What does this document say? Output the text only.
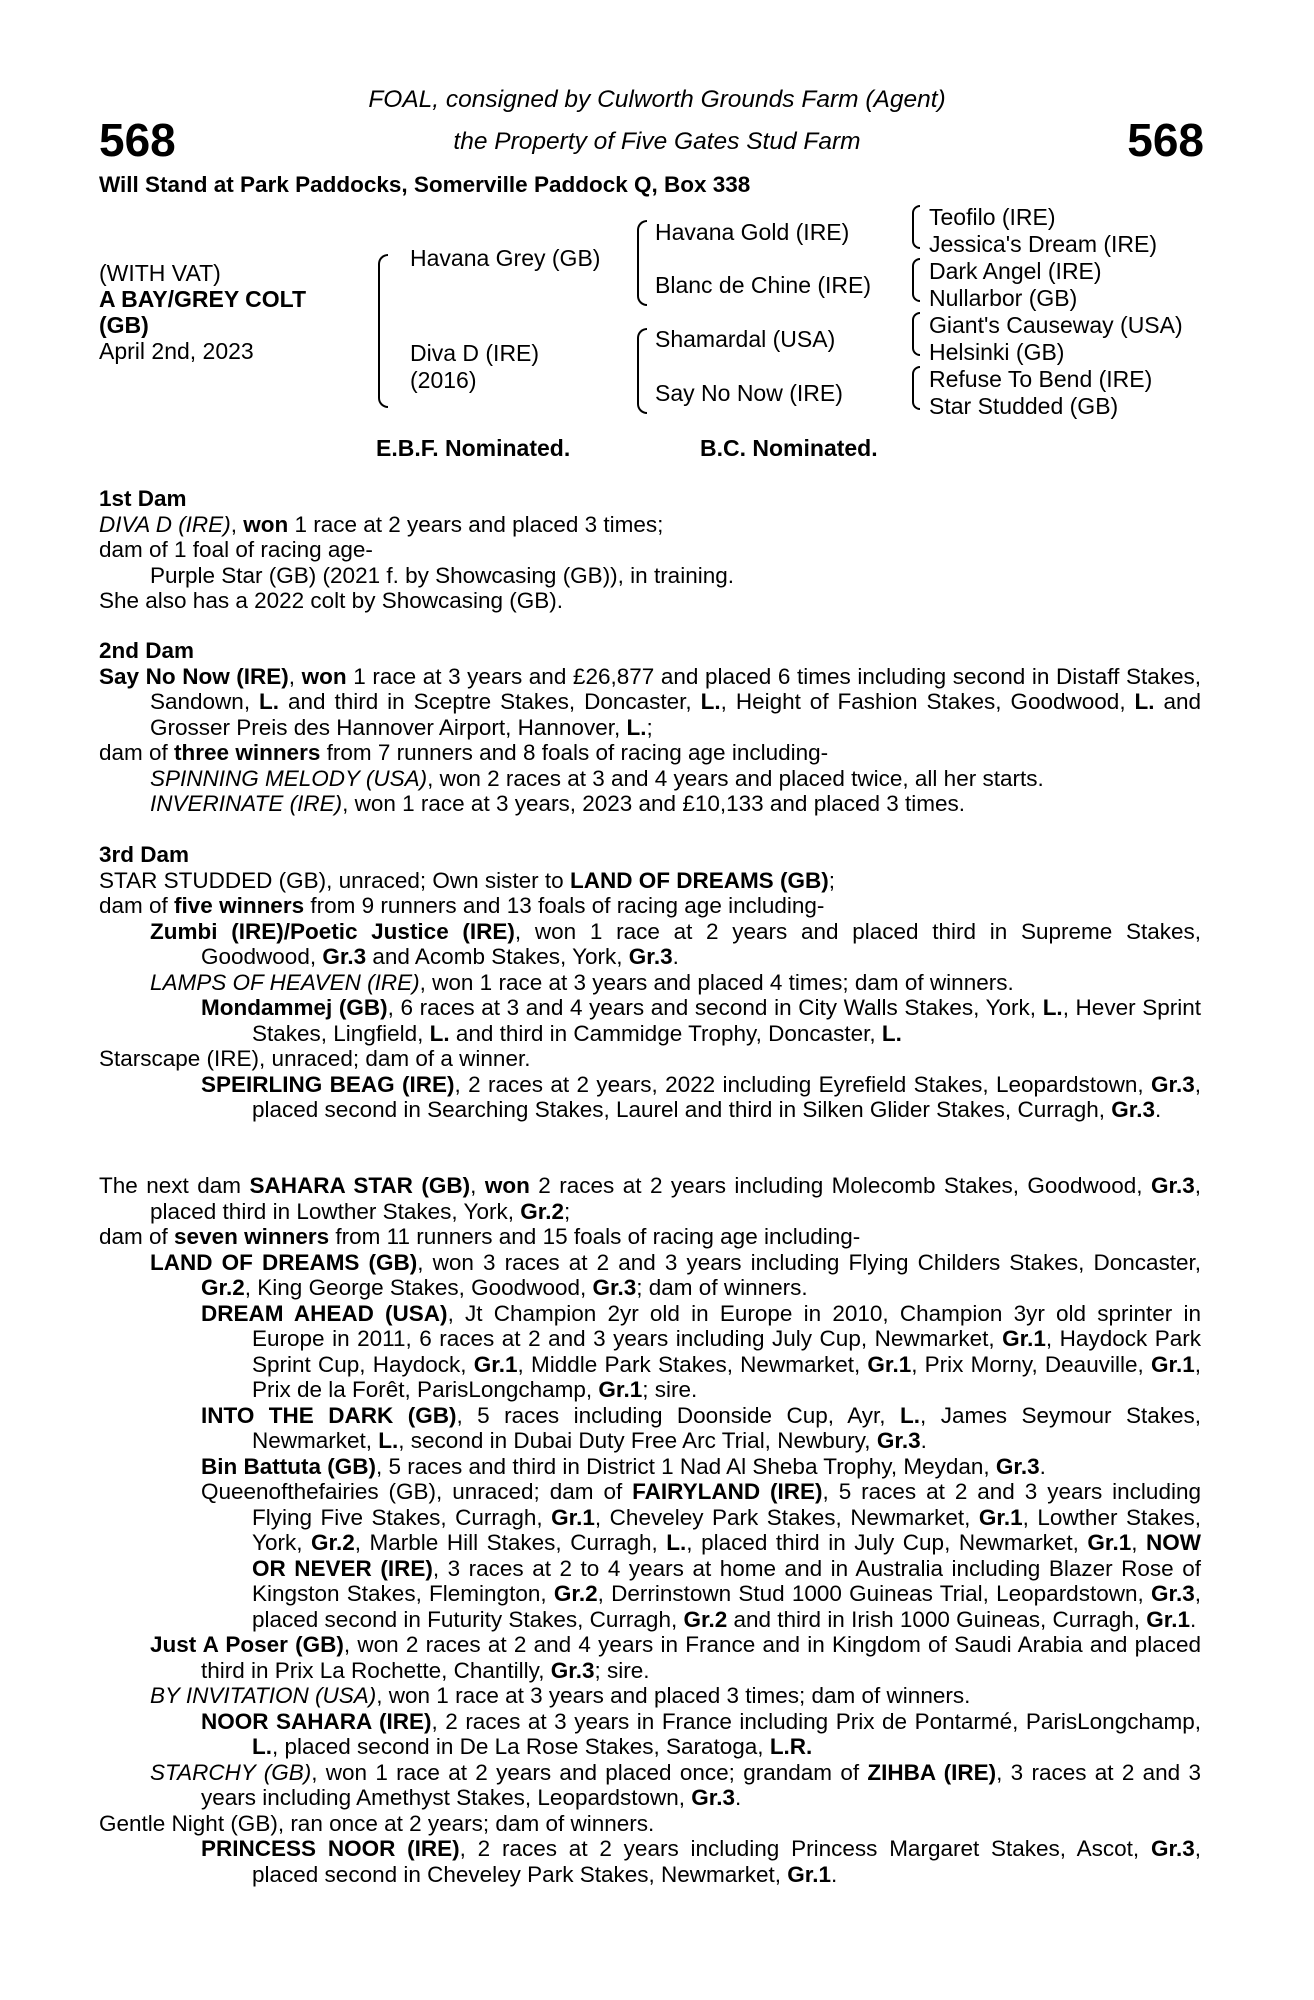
568	568
FOAL, consigned by Culworth Grounds Farm (Agent)
the Property of Five Gates Stud Farm
Will Stand at Park Paddocks, Somerville Paddock Q, Box 338
(WITH VAT)
A BAY/GREY COLT
(GB)
April 2nd, 2023
Havana Grey (GB)
Diva D (IRE)
(2016)
Havana Gold (IRE)
Blanc de Chine (IRE)
Shamardal (USA)
Say No Now (IRE)
Teofilo (IRE)
Jessica's Dream (IRE)
Dark Angel (IRE)
Nullarbor (GB)
Giant's Causeway (USA)
Helsinki (GB)
Refuse To Bend (IRE)
Star Studded (GB)
E.B.F. Nominated.	B.C. Nominated.

1st Dam

DIVA D (IRE), won 1 race at 2 years and placed 3 times;

dam of 1 foal of racing age-

Purple Star (GB) (2021 f. by Showcasing (GB)), in training.

She also has a 2022 colt by Showcasing (GB).

2nd Dam

Say No Now (IRE), won 1 race at 3 years and £26,877 and placed 6 times including second in Distaff Stakes, Sandown, L. and third in Sceptre Stakes, Doncaster, L., Height of Fashion Stakes, Goodwood, L. and Grosser Preis des Hannover Airport, Hannover, L.;

dam of three winners from 7 runners and 8 foals of racing age including-

SPINNING MELODY (USA), won 2 races at 3 and 4 years and placed twice, all her starts.

INVERINATE (IRE), won 1 race at 3 years, 2023 and £10,133 and placed 3 times.

3rd Dam

STAR STUDDED (GB), unraced; Own sister to LAND OF DREAMS (GB);

dam of five winners from 9 runners and 13 foals of racing age including-

Zumbi (IRE)/Poetic Justice (IRE), won 1 race at 2 years and placed third in Supreme Stakes, Goodwood, Gr.3 and Acomb Stakes, York, Gr.3.

LAMPS OF HEAVEN (IRE), won 1 race at 3 years and placed 4 times; dam of winners.

Mondammej (GB), 6 races at 3 and 4 years and second in City Walls Stakes, York, L., Hever Sprint Stakes, Lingfield, L. and third in Cammidge Trophy, Doncaster, L.

Starscape (IRE), unraced; dam of a winner.

SPEIRLING BEAG (IRE), 2 races at 2 years, 2022 including Eyrefield Stakes, Leopardstown, Gr.3, placed second in Searching Stakes, Laurel and third in Silken Glider Stakes, Curragh, Gr.3.

The next dam SAHARA STAR (GB), won 2 races at 2 years including Molecomb Stakes, Goodwood, Gr.3, placed third in Lowther Stakes, York, Gr.2;

dam of seven winners from 11 runners and 15 foals of racing age including-

LAND OF DREAMS (GB), won 3 races at 2 and 3 years including Flying Childers Stakes, Doncaster, Gr.2, King George Stakes, Goodwood, Gr.3; dam of winners.

DREAM AHEAD (USA), Jt Champion 2yr old in Europe in 2010, Champion 3yr old sprinter in Europe in 2011, 6 races at 2 and 3 years including July Cup, Newmarket, Gr.1, Haydock Park Sprint Cup, Haydock, Gr.1, Middle Park Stakes, Newmarket, Gr.1, Prix Morny, Deauville, Gr.1, Prix de la Forêt, ParisLongchamp, Gr.1; sire.

INTO THE DARK (GB), 5 races including Doonside Cup, Ayr, L., James Seymour Stakes, Newmarket, L., second in Dubai Duty Free Arc Trial, Newbury, Gr.3.

Bin Battuta (GB), 5 races and third in District 1 Nad Al Sheba Trophy, Meydan, Gr.3.

Queenofthefairies (GB), unraced; dam of FAIRYLAND (IRE), 5 races at 2 and 3 years including Flying Five Stakes, Curragh, Gr.1, Cheveley Park Stakes, Newmarket, Gr.1, Lowther Stakes, York, Gr.2, Marble Hill Stakes, Curragh, L., placed third in July Cup, Newmarket, Gr.1, NOW OR NEVER (IRE), 3 races at 2 to 4 years at home and in Australia including Blazer Rose of Kingston Stakes, Flemington, Gr.2, Derrinstown Stud 1000 Guineas Trial, Leopardstown, Gr.3, placed second in Futurity Stakes, Curragh, Gr.2 and third in Irish 1000 Guineas, Curragh, Gr.1.

Just A Poser (GB), won 2 races at 2 and 4 years in France and in Kingdom of Saudi Arabia and placed third in Prix La Rochette, Chantilly, Gr.3; sire.

BY INVITATION (USA), won 1 race at 3 years and placed 3 times; dam of winners.

NOOR SAHARA (IRE), 2 races at 3 years in France including Prix de Pontarmé, ParisLongchamp, L., placed second in De La Rose Stakes, Saratoga, L.R.

STARCHY (GB), won 1 race at 2 years and placed once; grandam of ZIHBA (IRE), 3 races at 2 and 3 years including Amethyst Stakes, Leopardstown, Gr.3.

Gentle Night (GB), ran once at 2 years; dam of winners.

PRINCESS NOOR (IRE), 2 races at 2 years including Princess Margaret Stakes, Ascot, Gr.3, placed second in Cheveley Park Stakes, Newmarket, Gr.1.
